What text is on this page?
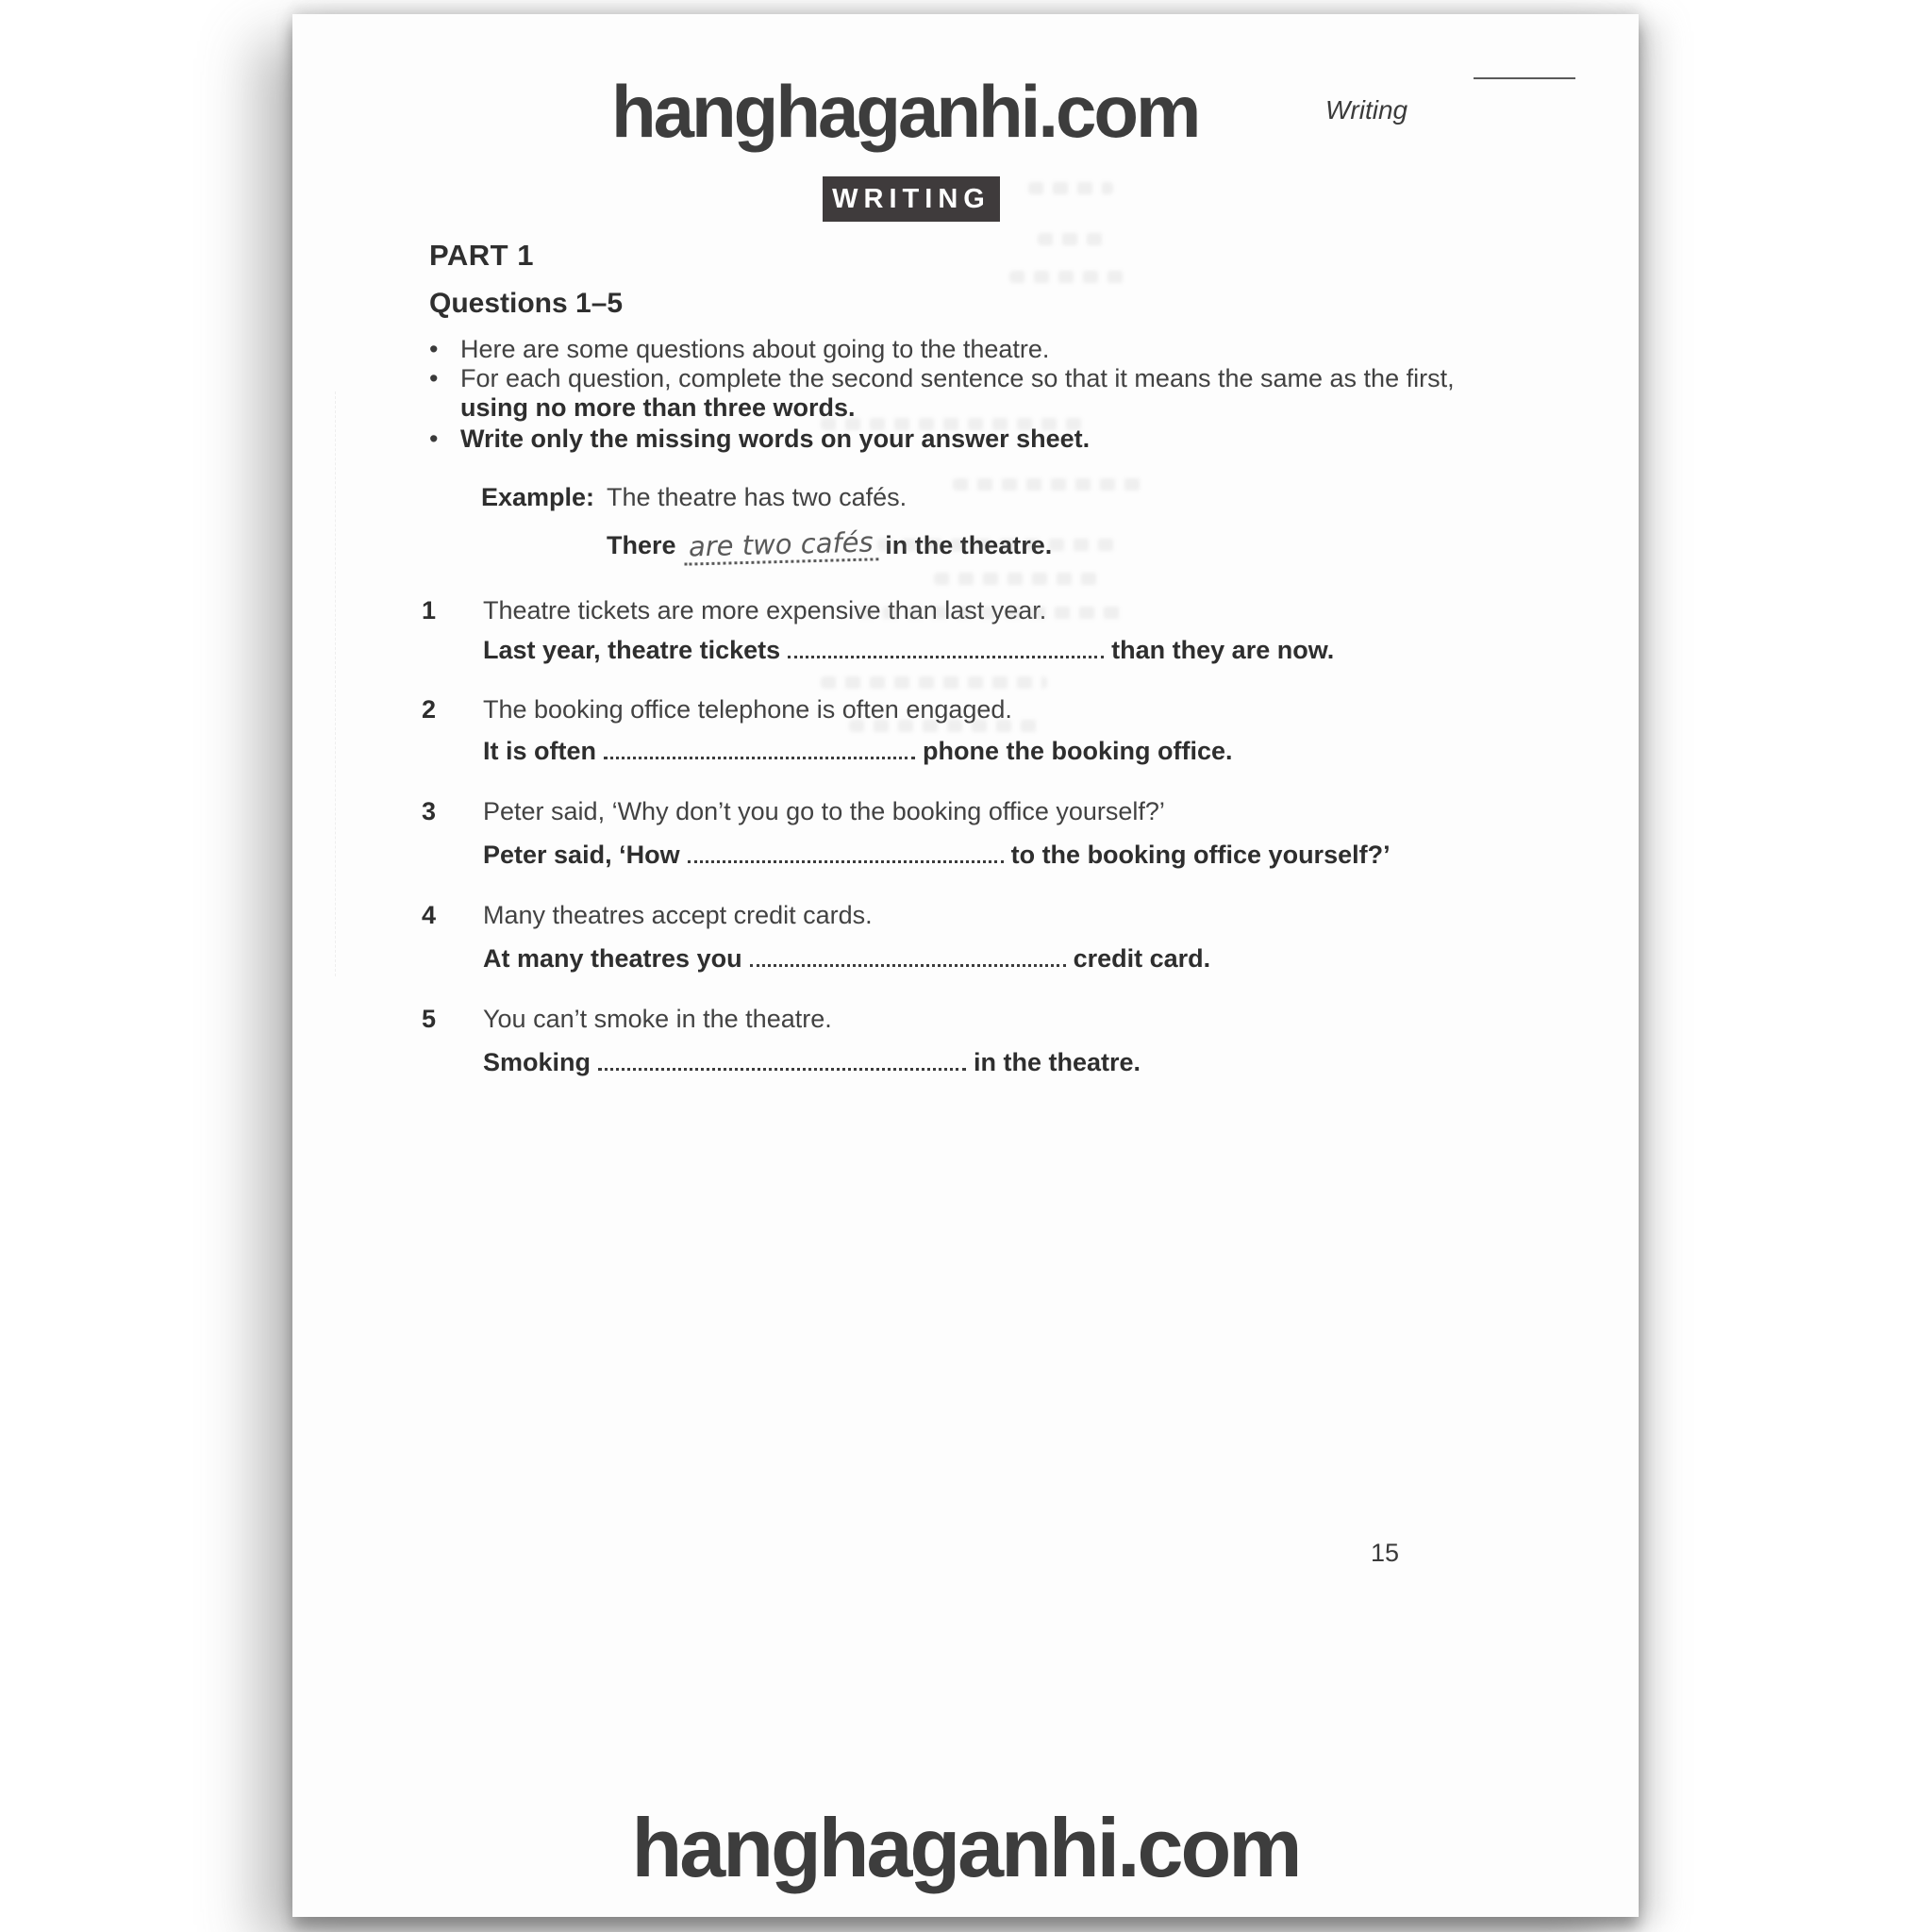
hanghaganhi.com	Writing
WRITING
PART 1
Questions 1–5
• Here are some questions about going to the theatre.
• For each question, complete the second sentence so that it means the same as the first,
using no more than three words.
• Write only the missing words on your answer sheet.
Example: The theatre has two cafés.
There are two cafés in the theatre.
1 Theatre tickets are more expensive than last year.
Last year, theatre tickets	than they are now.
2 The booking office telephone is often engaged.
It is often	phone the booking office.
3 Peter said, ‘Why don’t you go to the booking office yourself?’
Peter said, ‘How	to the booking office yourself?’
4 Many theatres accept credit cards.
At many theatres you	credit card.
5 You can’t smoke in the theatre.
Smoking	in the theatre.
15
hanghaganhi.com
